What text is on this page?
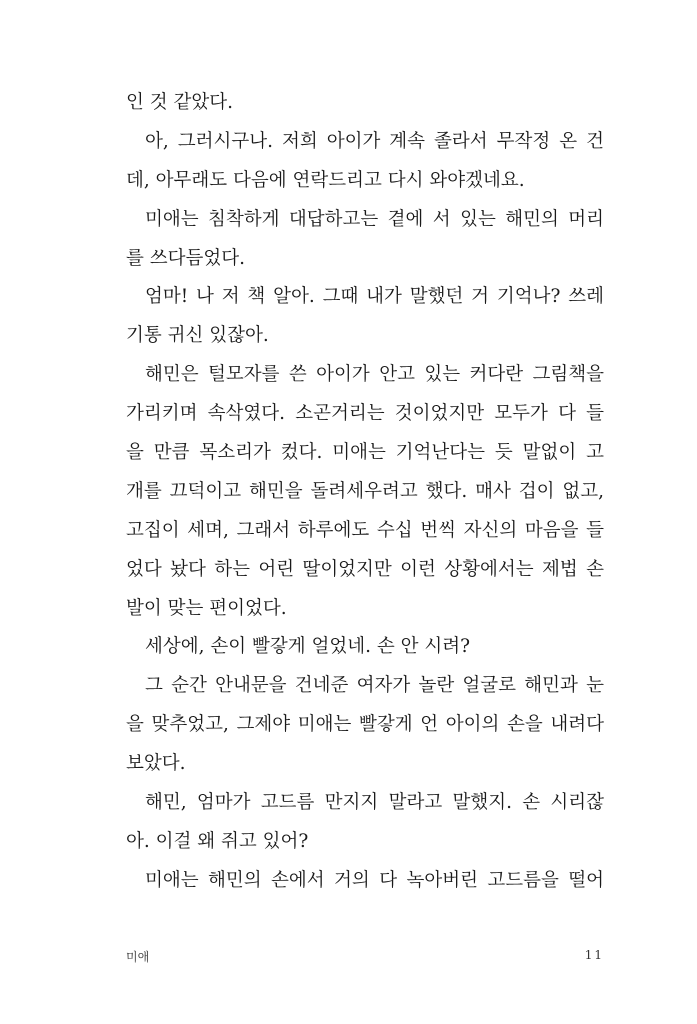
인 것 같았다.
아, 그러시구나. 저희 아이가 계속 졸라서 무작정 온 건
데, 아무래도 다음에 연락드리고 다시 와야겠네요.
미애는 침착하게 대답하고는 곁에 서 있는 해민의 머리
를 쓰다듬었다.
엄마! 나 저 책 알아. 그때 내가 말했던 거 기억나? 쓰레
기통 귀신 있잖아.
해민은 털모자를 쓴 아이가 안고 있는 커다란 그림책을
가리키며 속삭였다. 소곤거리는 것이었지만 모두가 다 들
을 만큼 목소리가 컸다. 미애는 기억난다는 듯 말없이 고
개를 끄덕이고 해민을 돌려세우려고 했다. 매사 겁이 없고,
고집이 세며, 그래서 하루에도 수십 번씩 자신의 마음을 들
었다 놨다 하는 어린 딸이었지만 이런 상황에서는 제법 손
발이 맞는 편이었다.
세상에, 손이 빨갛게 얼었네. 손 안 시려?
그 순간 안내문을 건네준 여자가 놀란 얼굴로 해민과 눈
을 맞추었고, 그제야 미애는 빨갛게 언 아이의 손을 내려다
보았다.
해민, 엄마가 고드름 만지지 말라고 말했지. 손 시리잖
아. 이걸 왜 쥐고 있어?
미애는 해민의 손에서 거의 다 녹아버린 고드름을 떨어
미애	11
